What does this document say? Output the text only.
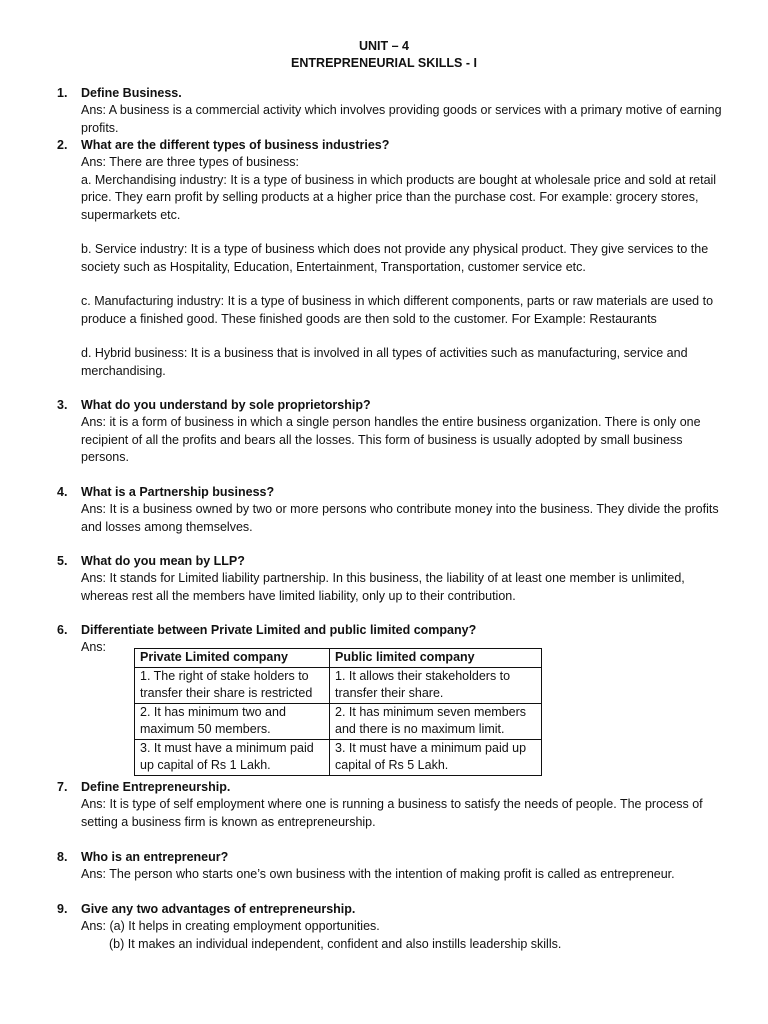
UNIT – 4
ENTREPRENEURIAL SKILLS - I
1. Define Business.

Ans: A business is a commercial activity which involves providing goods or services with a primary motive of earning profits.

2. What are the different types of business industries?

Ans: There are three types of business:

a. Merchandising industry: It is a type of business in which products are bought at wholesale price and sold at retail price. They earn profit by selling products at a higher price than the purchase cost. For example: grocery stores, supermarkets etc.

b. Service industry: It is a type of business which does not provide any physical product. They give services to the society such as Hospitality, Education, Entertainment, Transportation, customer service etc.

c. Manufacturing industry: It is a type of business in which different components, parts or raw materials are used to produce a finished good. These finished goods are then sold to the customer. For Example: Restaurants

d. Hybrid business: It is a business that is involved in all types of activities such as manufacturing, service and merchandising.

3. What do you understand by sole proprietorship?

Ans: it is a form of business in which a single person handles the entire business organization. There is only one recipient of all the profits and bears all the losses. This form of business is usually adopted by small business persons.

4. What is a Partnership business?

Ans: It is a business owned by two or more persons who contribute money into the business. They divide the profits and losses among themselves.

5. What do you mean by LLP?

Ans: It stands for Limited liability partnership. In this business, the liability of at least one member is unlimited, whereas rest all the members have limited liability, only up to their contribution.

6. Differentiate between Private Limited and public limited company?

Ans:

Private Limited company	Public limited company
1. The right of stake holders to transfer their share is restricted	1. It allows their stakeholders to transfer their share.
2. It has minimum two and maximum 50 members.	2. It has minimum seven members and there is no maximum limit.
3. It must have a minimum paid up capital of Rs 1 Lakh.	3. It must have a minimum paid up capital of Rs 5 Lakh.
7. Define Entrepreneurship.

Ans: It is type of self employment where one is running a business to satisfy the needs of people. The process of setting a business firm is known as entrepreneurship.

8. Who is an entrepreneur?

Ans: The person who starts one’s own business with the intention of making profit is called as entrepreneur.

9. Give any two advantages of entrepreneurship.

Ans: (a) It helps in creating employment opportunities.

(b) It makes an individual independent, confident and also instills leadership skills.
